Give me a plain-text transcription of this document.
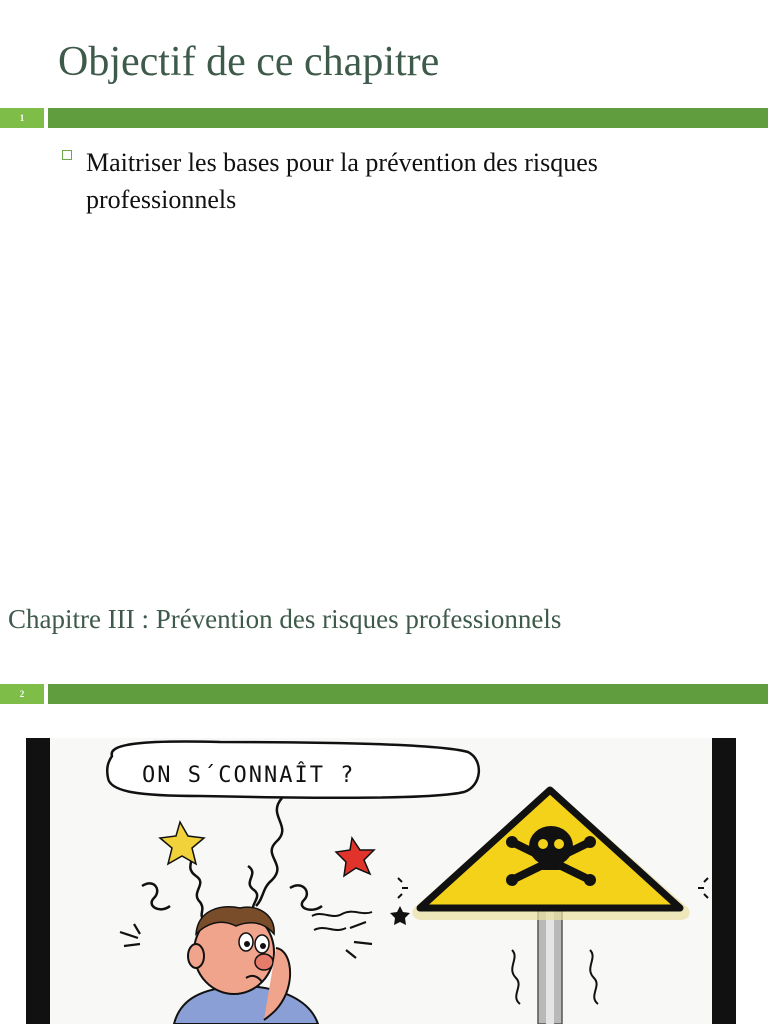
Objectif de ce chapitre
1
Maitriser les bases pour la prévention des risques professionnels
Chapitre III : Prévention des risques professionnels
2
ON S´CONNAÎT ?
